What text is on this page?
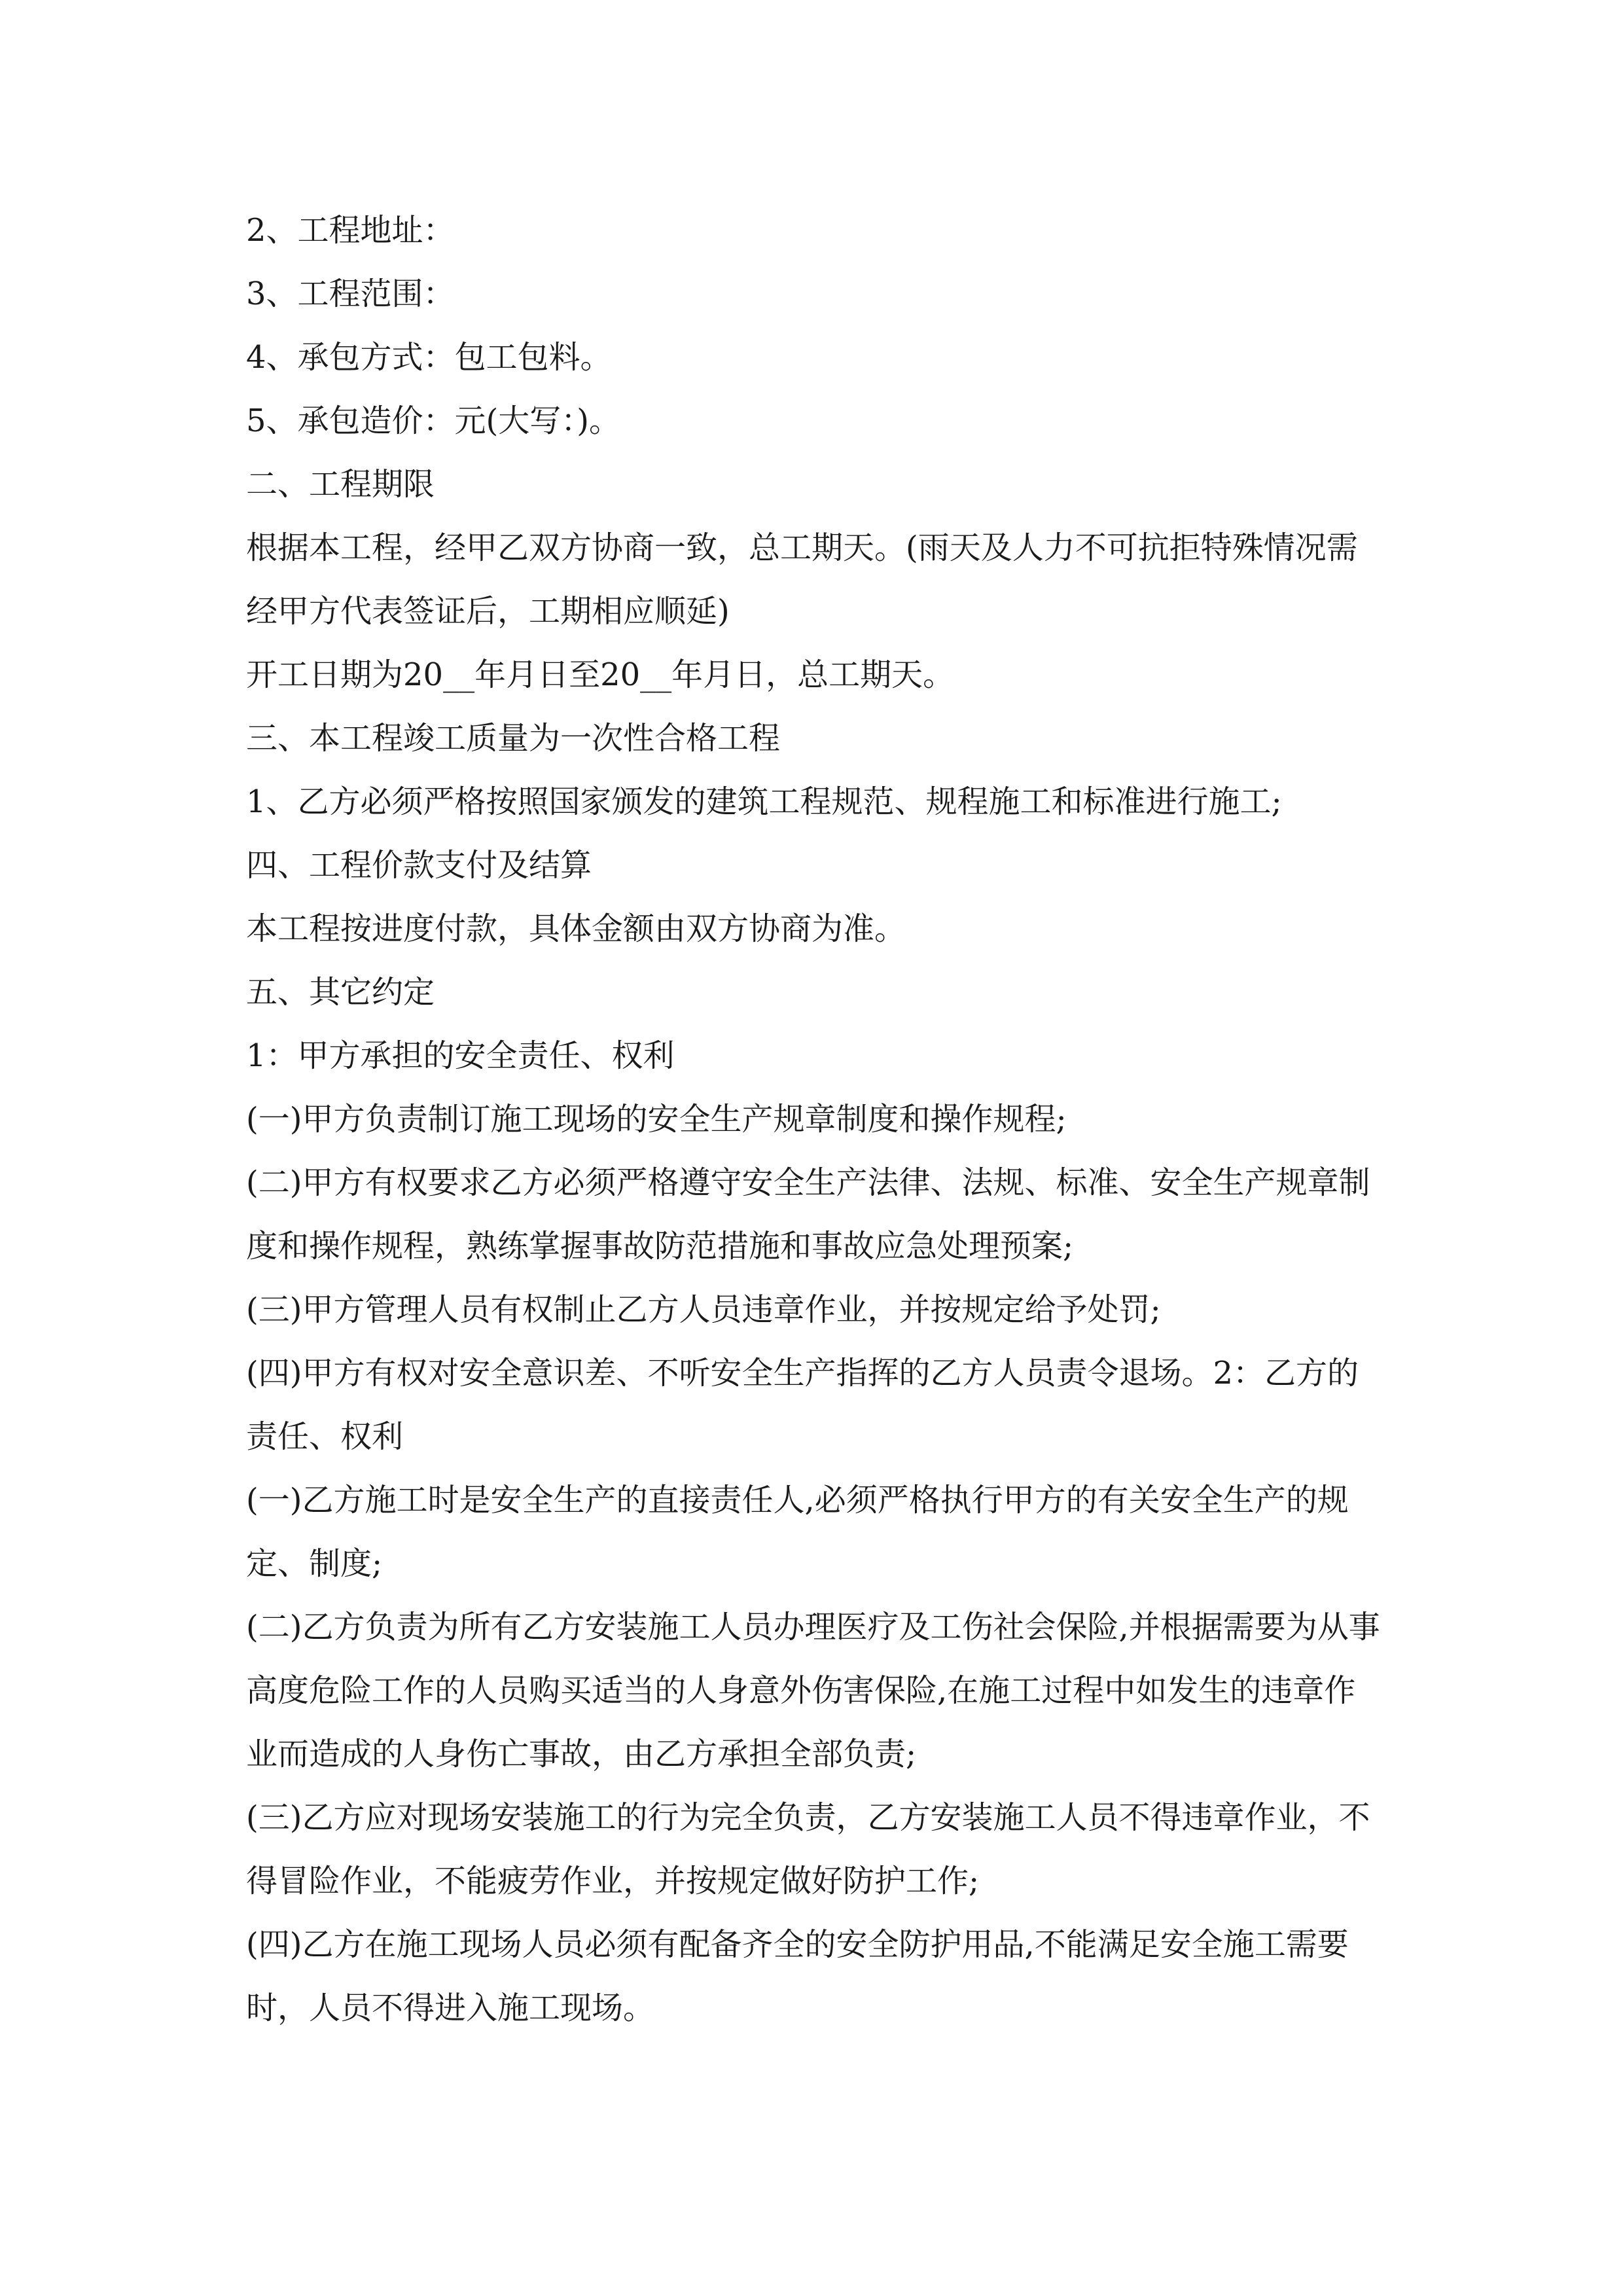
2、工程地址：

3、工程范围：

4、承包方式：包工包料。

5、承包造价：元(大写：)。

二、工程期限

根据本工程，经甲乙双方协商一致，总工期天。(雨天及人力不可抗拒特殊情况需经甲方代表签证后，工期相应顺延)

开工日期为20__年月日至20__年月日，总工期天。

三、本工程竣工质量为一次性合格工程

1、乙方必须严格按照国家颁发的建筑工程规范、规程施工和标准进行施工;

四、工程价款支付及结算

本工程按进度付款，具体金额由双方协商为准。

五、其它约定

1：甲方承担的安全责任、权利

(一)甲方负责制订施工现场的安全生产规章制度和操作规程;

(二)甲方有权要求乙方必须严格遵守安全生产法律、法规、标准、安全生产规章制度和操作规程，熟练掌握事故防范措施和事故应急处理预案;

(三)甲方管理人员有权制止乙方人员违章作业，并按规定给予处罚;

(四)甲方有权对安全意识差、不听安全生产指挥的乙方人员责令退场。2：乙方的责任、权利

(一)乙方施工时是安全生产的直接责任人,必须严格执行甲方的有关安全生产的规定、制度;

(二)乙方负责为所有乙方安装施工人员办理医疗及工伤社会保险,并根据需要为从事高度危险工作的人员购买适当的人身意外伤害保险,在施工过程中如发生的违章作业而造成的人身伤亡事故，由乙方承担全部负责;

(三)乙方应对现场安装施工的行为完全负责，乙方安装施工人员不得违章作业，不得冒险作业，不能疲劳作业，并按规定做好防护工作;

(四)乙方在施工现场人员必须有配备齐全的安全防护用品,不能满足安全施工需要时，人员不得进入施工现场。
